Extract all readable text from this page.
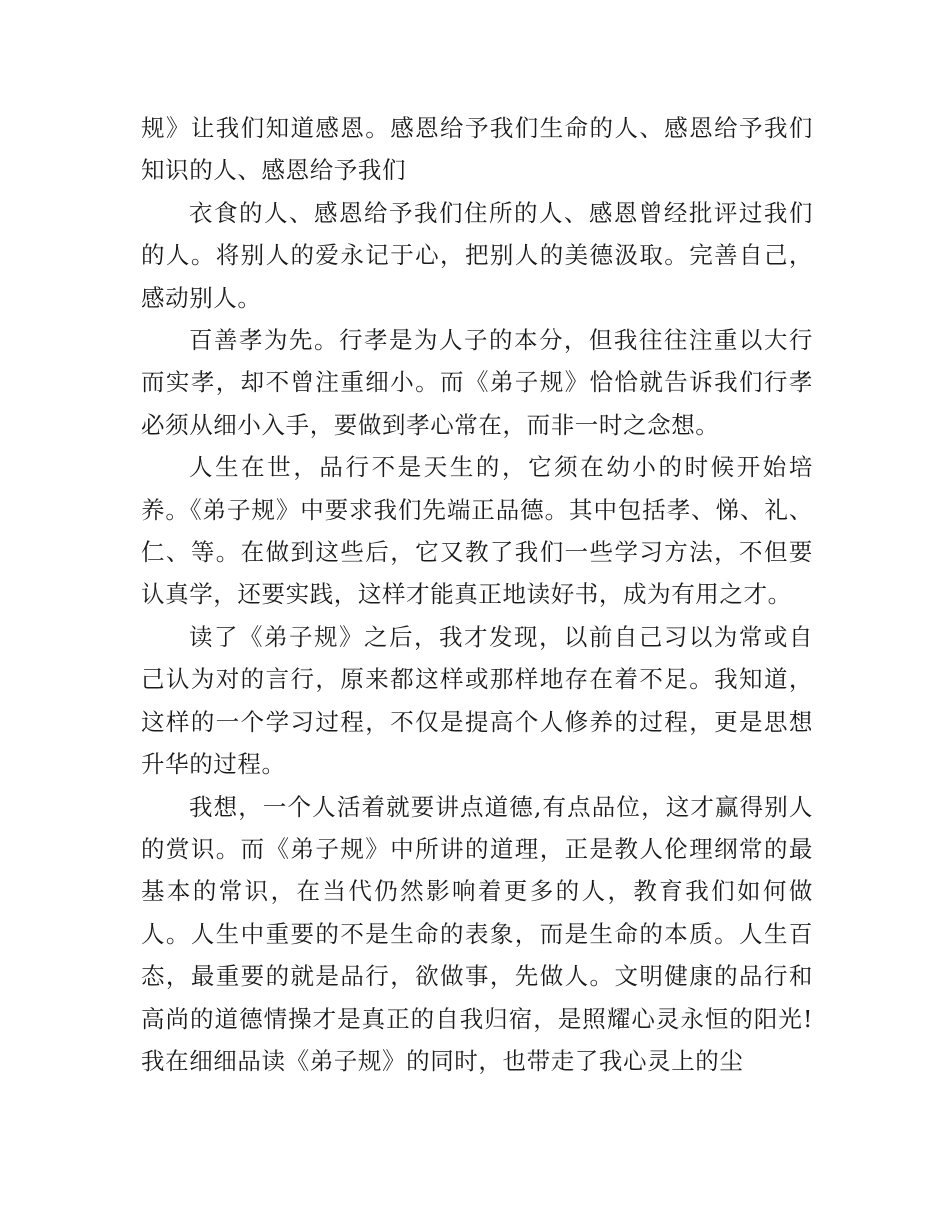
规》让我们知道感恩。感恩给予我们生命的人、感恩给予我们知识的人、感恩给予我们

衣食的人、感恩给予我们住所的人、感恩曾经批评过我们的人。将别人的爱永记于心，把别人的美德汲取。完善自己，感动别人。

百善孝为先。行孝是为人子的本分，但我往往注重以大行而实孝，却不曾注重细小。而《弟子规》恰恰就告诉我们行孝必须从细小入手，要做到孝心常在，而非一时之念想。

人生在世，品行不是天生的，它须在幼小的时候开始培养。《弟子规》中要求我们先端正品德。其中包括孝、悌、礼、仁、等。在做到这些后，它又教了我们一些学习方法，不但要认真学，还要实践，这样才能真正地读好书，成为有用之才。

读了《弟子规》之后，我才发现，以前自己习以为常或自己认为对的言行，原来都这样或那样地存在着不足。我知道，这样的一个学习过程，不仅是提高个人修养的过程，更是思想升华的过程。

我想，一个人活着就要讲点道德,有点品位，这才赢得别人的赏识。而《弟子规》中所讲的道理，正是教人伦理纲常的最基本的常识，在当代仍然影响着更多的人，教育我们如何做人。人生中重要的不是生命的表象，而是生命的本质。人生百态，最重要的就是品行，欲做事，先做人。文明健康的品行和高尚的道德情操才是真正的自我归宿，是照耀心灵永恒的阳光!我在细细品读《弟子规》的同时，也带走了我心灵上的尘
